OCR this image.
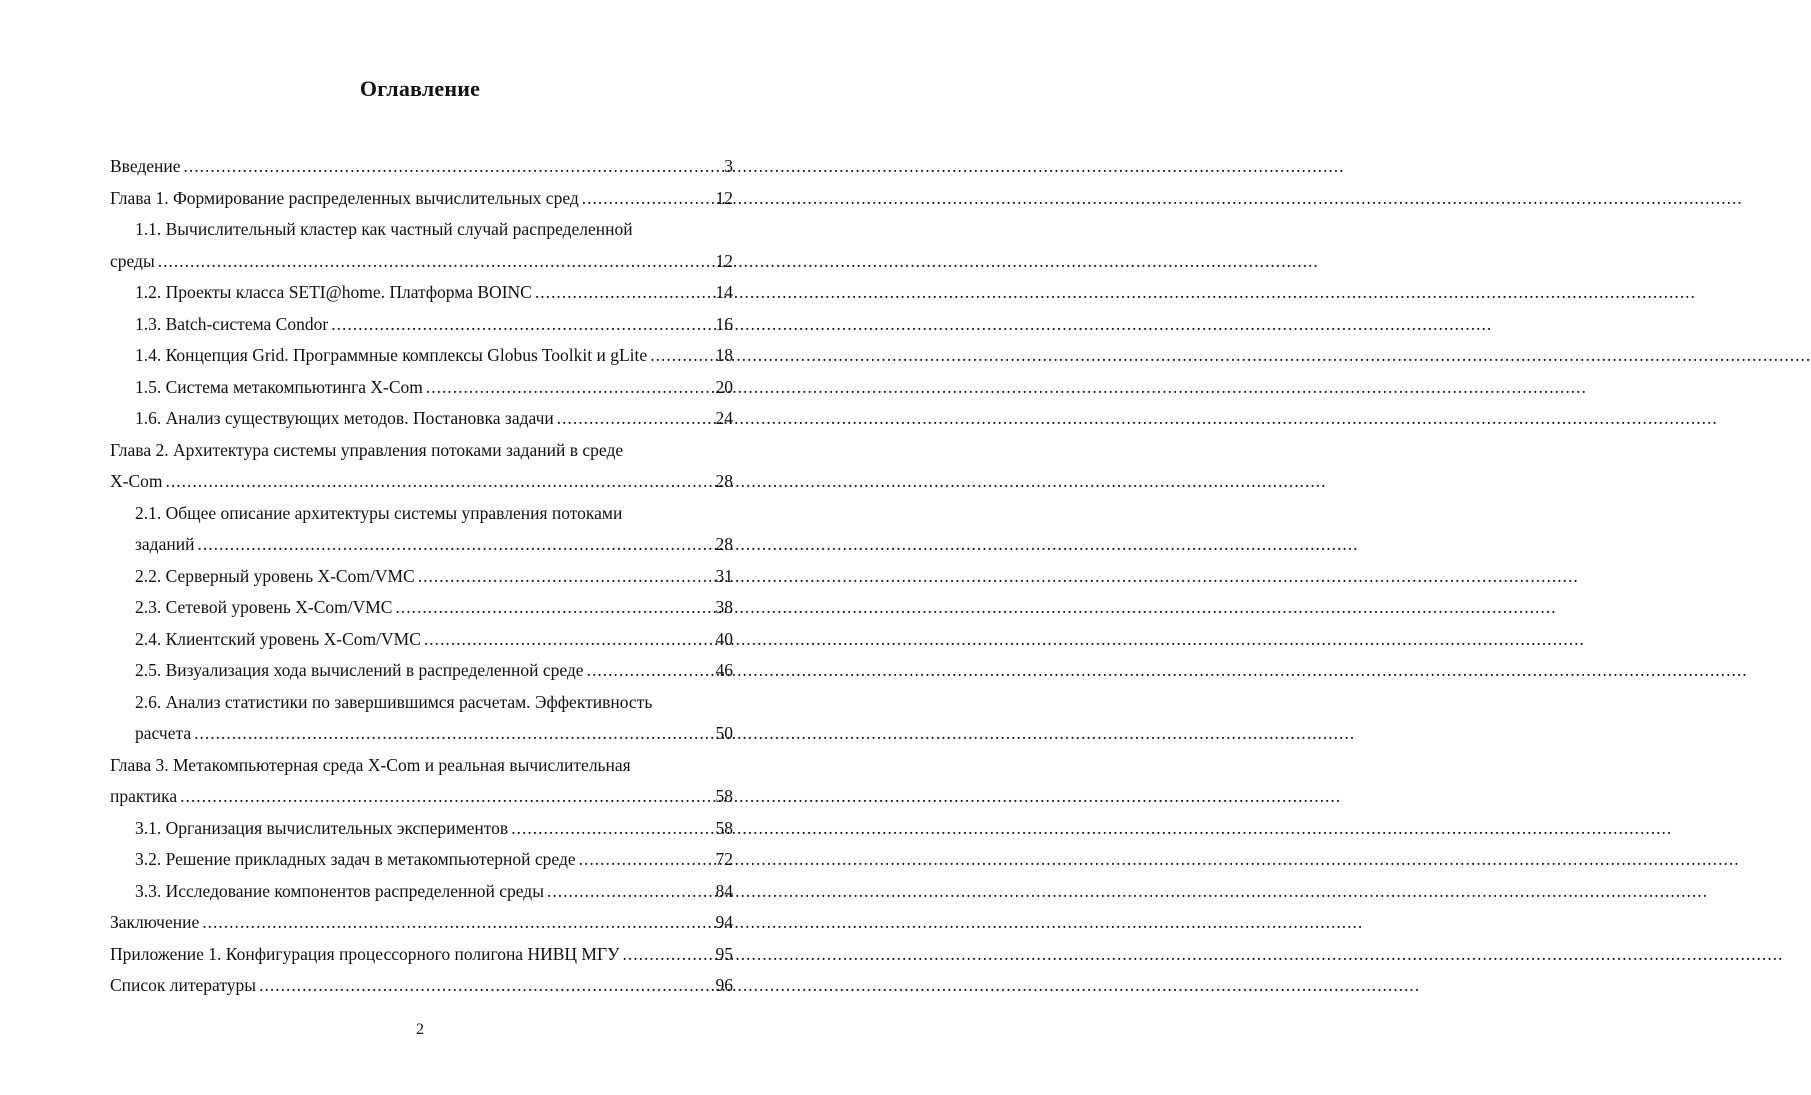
Оглавление
Введение .....	3
Глава 1. Формирование распределенных вычислительных сред .....	12
1.1. Вычислительный кластер как частный случай распределенной
среды .....	12
1.2. Проекты класса SETI@home. Платформа BOINC .....	14
1.3. Batch-система Condor .....	16
1.4. Концепция Grid. Программные комплексы Globus Toolkit и gLite .....	18
1.5. Система метакомпьютинга X-Com .....	20
1.6. Анализ существующих методов. Постановка задачи .....	24
Глава 2. Архитектура системы управления потоками заданий в среде
X-Com .....	28
2.1. Общее описание архитектуры системы управления потоками
заданий .....	28
2.2. Серверный уровень X-Com/VMC .....	31
2.3. Сетевой уровень X-Com/VMC .....	38
2.4. Клиентский уровень X-Com/VMC .....	40
2.5. Визуализация хода вычислений в распределенной среде .....	46
2.6. Анализ статистики по завершившимся расчетам. Эффективность
расчета .....	50
Глава 3. Метакомпьютерная среда X-Com и реальная вычислительная
практика .....	58
3.1. Организация вычислительных экспериментов .....	58
3.2. Решение прикладных задач в метакомпьютерной среде .....	72
3.3. Исследование компонентов распределенной среды .....	84
Заключение .....	94
Приложение 1. Конфигурация процессорного полигона НИВЦ МГУ .....	95
Список литературы .....	96
2
